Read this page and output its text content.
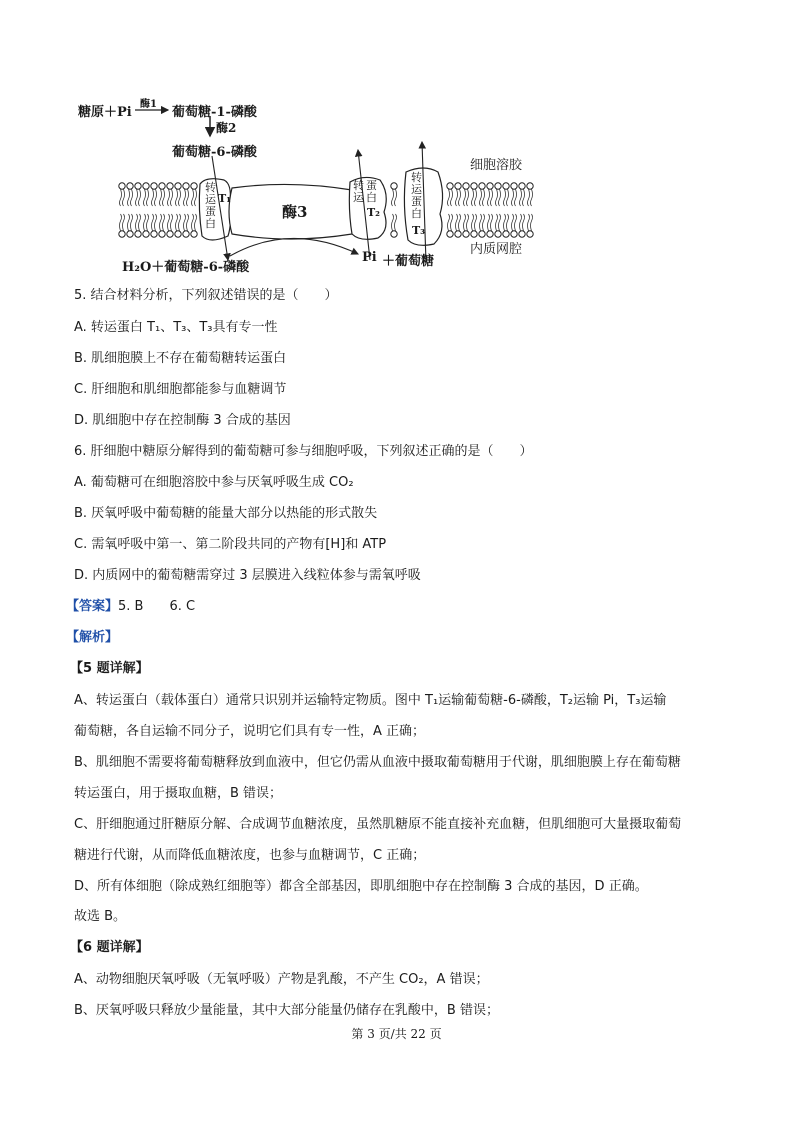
糖原＋Pi
酶1
葡萄糖-1-磷酸
酶2
葡萄糖-6-磷酸
细胞溶胶
内质网腔
酶3
转
运
蛋
白
T₁
转
运
蛋
白
T₂
转
运
蛋
白
T₃
H₂O＋葡萄糖-6-磷酸
Pi ＋葡萄糖
5. 结合材料分析，下列叙述错误的是（　　）
A. 转运蛋白 T₁、T₃、T₃具有专一性
B. 肌细胞膜上不存在葡萄糖转运蛋白
C. 肝细胞和肌细胞都能参与血糖调节
D. 肌细胞中存在控制酶 3 合成的基因
6. 肝细胞中糖原分解得到的葡萄糖可参与细胞呼吸，下列叙述正确的是（　　）
A. 葡萄糖可在细胞溶胶中参与厌氧呼吸生成 CO₂
B. 厌氧呼吸中葡萄糖的能量大部分以热能的形式散失
C. 需氧呼吸中第一、第二阶段共同的产物有[H]和 ATP
D. 内质网中的葡萄糖需穿过 3 层膜进入线粒体参与需氧呼吸
【答案】5. B　　6. C
【解析】
【5 题详解】
A、转运蛋白（载体蛋白）通常只识别并运输特定物质。图中 T₁运输葡萄糖-6-磷酸，T₂运输 Pi，T₃运输
葡萄糖，各自运输不同分子，说明它们具有专一性，A 正确；
B、肌细胞不需要将葡萄糖释放到血液中，但它仍需从血液中摄取葡萄糖用于代谢，肌细胞膜上存在葡萄糖
转运蛋白，用于摄取血糖，B 错误；
C、肝细胞通过肝糖原分解、合成调节血糖浓度，虽然肌糖原不能直接补充血糖，但肌细胞可大量摄取葡萄
糖进行代谢，从而降低血糖浓度，也参与血糖调节，C 正确；
D、所有体细胞（除成熟红细胞等）都含全部基因，即肌细胞中存在控制酶 3 合成的基因，D 正确。
故选 B。
【6 题详解】
A、动物细胞厌氧呼吸（无氧呼吸）产物是乳酸，不产生 CO₂，A 错误；
B、厌氧呼吸只释放少量能量，其中大部分能量仍储存在乳酸中，B 错误；
第 3 页/共 22 页
